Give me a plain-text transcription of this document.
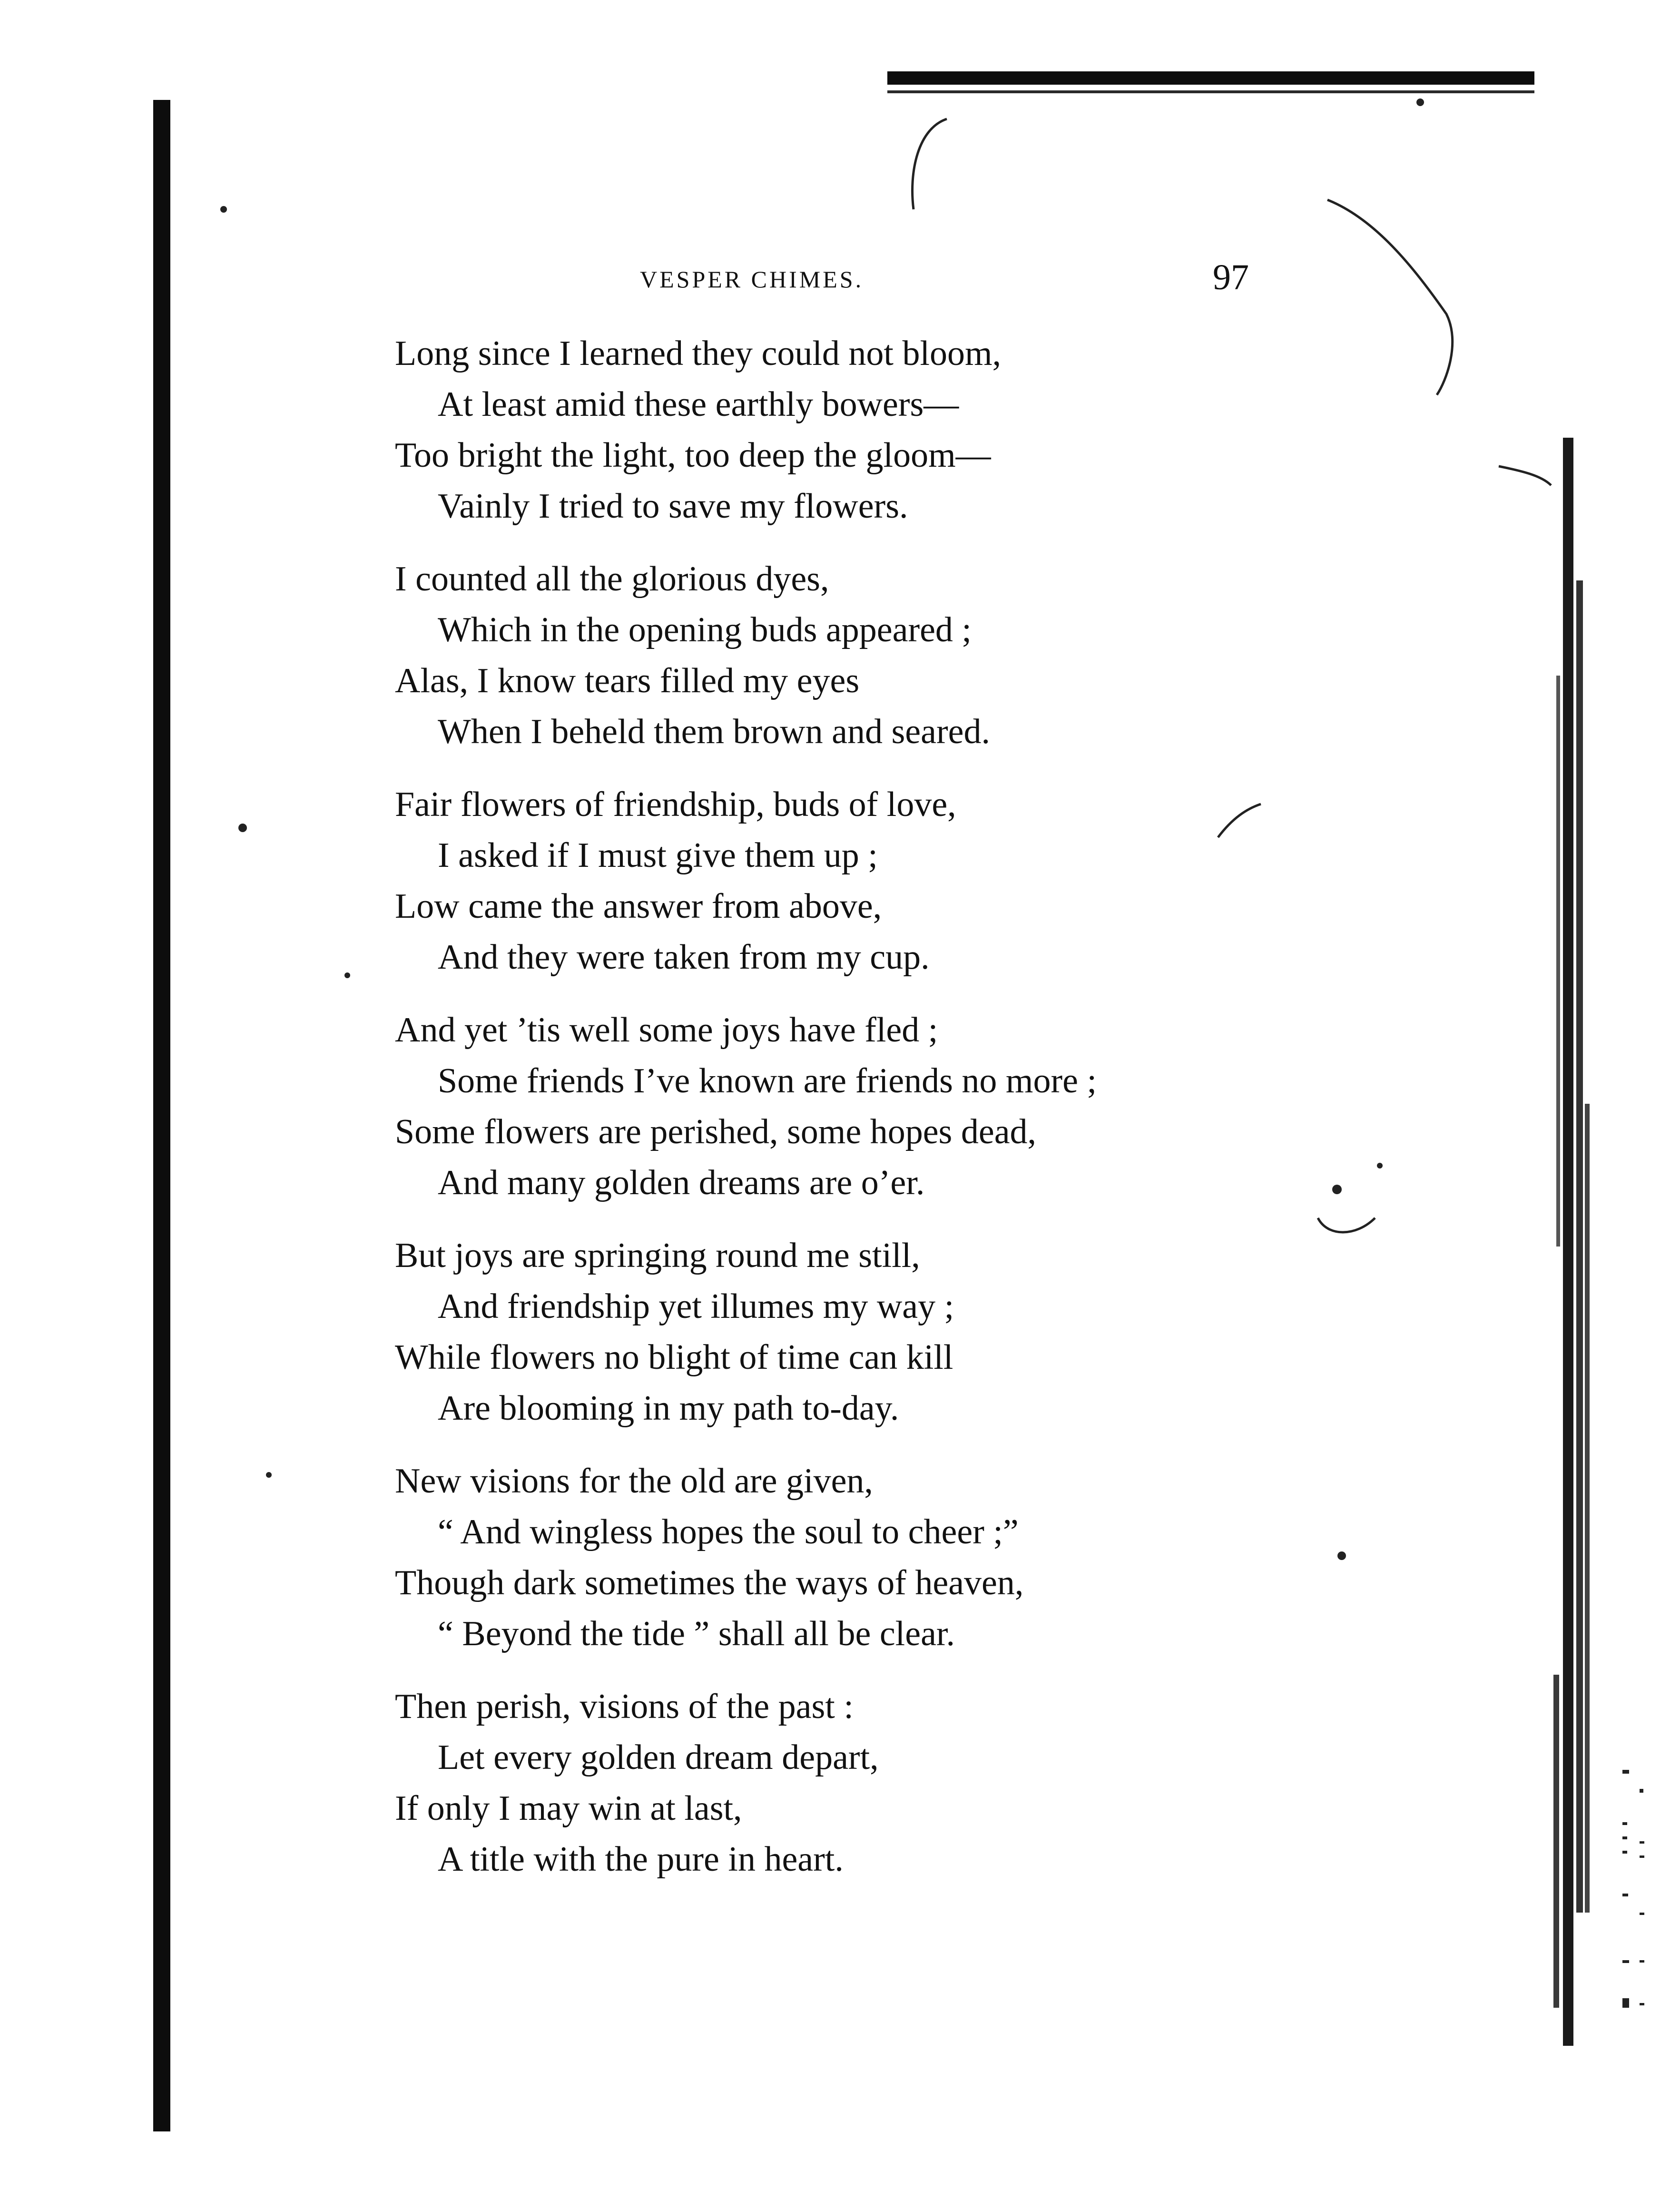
VESPER CHIMES.	97
Long since I learned they could not bloom,
At least amid these earthly bowers—
Too bright the light, too deep the gloom—
Vainly I tried to save my flowers.
I counted all the glorious dyes,
Which in the opening buds appeared ;
Alas, I know tears filled my eyes
When I beheld them brown and seared.
Fair flowers of friendship, buds of love,
I asked if I must give them up ;
Low came the answer from above,
And they were taken from my cup.
And yet ’tis well some joys have fled ;
Some friends I’ve known are friends no more ;
Some flowers are perished, some hopes dead,
And many golden dreams are o’er.
But joys are springing round me still,
And friendship yet illumes my way ;
While flowers no blight of time can kill
Are blooming in my path to-day.
New visions for the old are given,
“ And wingless hopes the soul to cheer ;”
Though dark sometimes the ways of heaven,
“ Beyond the tide ” shall all be clear.
Then perish, visions of the past :
Let every golden dream depart,
If only I may win at last,
A title with the pure in heart.
